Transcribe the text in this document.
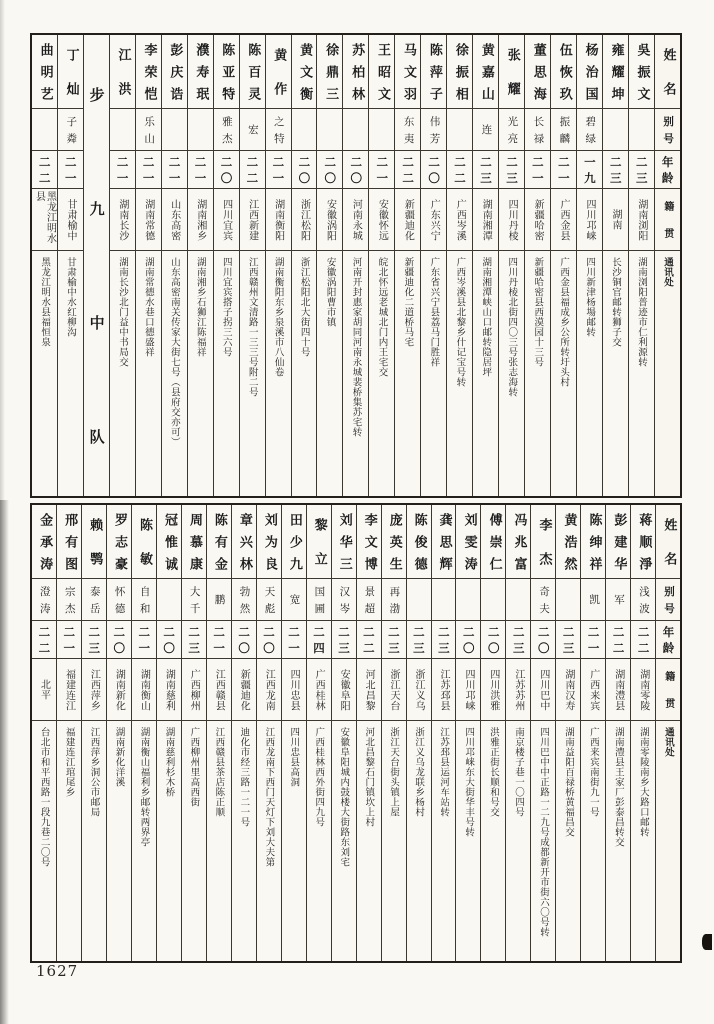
曲
明
艺
二
二
黑龙江明水县
黑龙江明水县福恒泉
丁
灿
子
粦
二
一
甘肃榆中
甘肃榆中水红柳沟
步
九
中
队
江
洪
二
一
湖南长沙
湖南长沙北门益中书局交
李
荣
恺
乐
山
二
一
湖南常德
湖南常德水巷口德盛祥
彭
庆
诰
二
一
山东高密
山东高密南关传家大街七号（县府交亦可）
濮
寿
珉
二
一
湖南湘乡
湖南湘乡石狮江陈福祥
陈
亚
特
雅
杰
二
〇
四川宜宾
四川宜宾搭子拐三六号
陈
百
灵
宏
二
二
江西新建
江西赣州文清路一三三号附二号
黄
作
之
特
二
一
湖南衡阳
湖南衡阳东乡泉溪市八仙卷
黄
文
衡
二
〇
浙江松阳
浙江松阳北大街四十号
徐
鼎
三
二
〇
安徽涡阳
安徽涡阳曹市镇
苏
柏
林
二
〇
河南永城
河南开封惠家胡同河南永城裴桥集苏宅转
王
昭
文
二
一
安徽怀远
皖北怀远老城北门内王宅交
马
文
羽
东
夷
二
二
新疆迪化
新疆迪化二道桥马宅
陈
萍
子
伟
芳
二
〇
广东兴宁
广东省兴宁县荔马门胜祥
徐
振
相
二
二
广西岑溪
广西岑溪县北黎乡什记宝号转
黄
嘉
山
连
二
三
湖南湘潭
湖南湘潭峡山口邮转隐居坪
张
耀
光
亮
二
三
四川丹棱
四川丹棱北街四〇三号张志海转
董
思
海
长
禄
二
一
新疆哈密
新疆哈密县西漠园十三号
伍
恢
玖
振
麟
二
一
广西金县
广西金县福成乡公所转圩头村
杨
治
国
碧
绿
一
九
四川邛崃
四川新津杨場邮转
雍
耀
坤
二
三
湖南
长沙铜官邮转狮子交
吳
振
文
二
三
湖南浏阳
湖南浏阳普迹市仁利源转
姓
名
别
号
年
龄
籍
贯
通
讯
处
金
承
涛
澄
涛
二
二
北平
台北市和平西路一段九巷二〇号
邢
有
图
宗
杰
二
一
福建连江
福建连江琯尾乡
赖
鹗
泰
岳
二
三
江西萍乡
江西萍乡洞公市邮局
罗
志
豪
怀
德
二
〇
湖南新化
湖南新化洋溪
陈
敏
自
和
二
一
湖南衡山
湖南衡山福利乡邮转两界亭
冠
惟
诚
二
〇
湖南慈利
湖南慈利杉木桥
周
慕
康
大
千
二
三
广西柳州
广西柳州里高西街
陈
有
金
鹏
二
一
江西赣县
江西赣县茶店陈正顺
章
兴
林
勃
然
二
〇
新疆迪化
迪化市经三路一二一号
刘
为
良
天
彪
二
〇
江西龙南
江西龙南下西门天灯下刘大夫第
田
少
九
宽
二
一
四川忠县
四川忠县高洞
黎
立
国
圃
二
四
广西桂林
广西桂林西外街四九号
刘
华
三
汉
岑
二
三
安徽阜阳
安徽阜阳城内鼓楼大街路东刘宅
李
文
博
景
超
二
二
河北昌黎
河北昌黎石门镇坎上村
庞
英
生
再
渤
二
三
浙江天台
浙江天台街头镇上屋
陈
俊
德
二
三
浙江义乌
浙江义乌龙联乡杨村
龚
思
辉
二
三
江苏邳县
江苏邳县运河车站转
刘
雯
涛
二
〇
四川邛崃
四川邛崃东大街华丰号转
傅
崇
仁
二
〇
四川洪雅
洪雅正街长顺和号交
冯
兆
富
二
三
江苏苏州
南京楼子巷一〇四号
李
杰
奇
夫
二
〇
四川巴中
四川巴中中正路一二九号成都新开市街六〇号转
黄
浩
然
二
三
湖南汉寿
湖南益阳百禄桥黄福昌交
陈
绅
祥
凯
二
一
广西来宾
广西来宾南街九一号
彭
建
华
军
二
二
湖南澧县
湖南澧县王家厂彭泰昌转交
蒋
顺
淨
浅
波
二
二
湖南零陵
湖南零陵南乡大路口邮转
姓
名
别
号
年
龄
籍
贯
通
讯
处
1627
